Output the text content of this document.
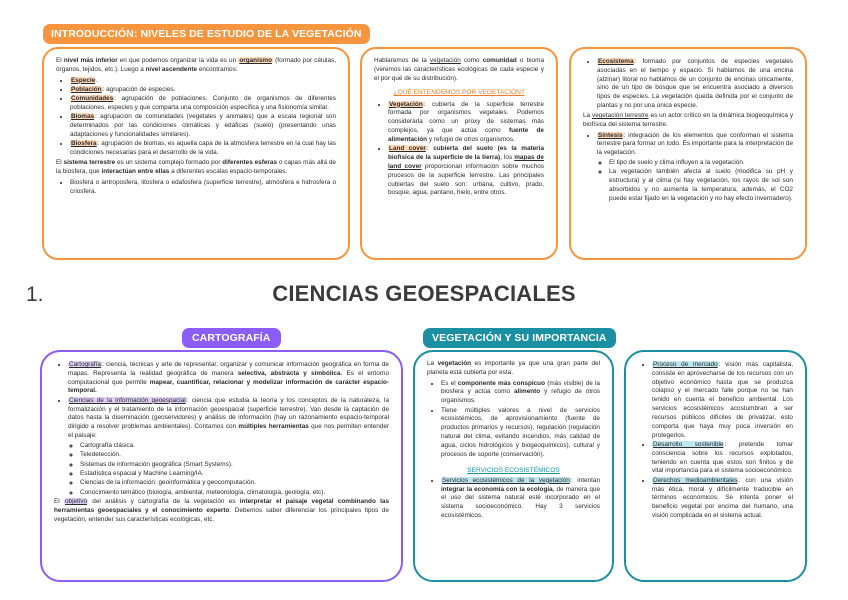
INTRODUCCIÓN: NIVELES DE ESTUDIO DE LA VEGETACIÓN

El nivel más inferior en que podemos organizar la vida es un organismo (formado por células, órganos, tejidos, etc.). Luego a nivel ascendente encontramos:

• Especie.
• Población: agrupación de especies.
• Comunidades: agrupación de poblaciones. Conjunto de organismos de diferentes poblaciones, especies y que comparta una composición específica y una fisionomía similar.
• Biomas: agrupación de comunidades (vegetales y animales) que a escala regional son determinados por las condiciones climáticas y edáficas (suelo) (presentando unas adaptaciones y funcionalidades similares).
• Biosfera: agrupación de biomas, es aquella capa de la atmosfera terrestre en la cual hay las condiciones necesarias para el desarrollo de la vida.

El sistema terrestre es un sistema complejo formado por diferentes esferas o capas más allá de la biosfera, que interactúan entre ellas a diferentes escalas espacio-temporales.

• Biosfera o antroposfera, litosfera o edafosfera (superficie terrestre), atmósfera e hidrosfera o criosfera.

Hablaremos de la vegetación como comunidad o bioma (veremos las características ecológicas de cada especie y el por qué de su distribución).

¿QUÉ ENTENDEMOS POR VEGETACIÓN?
• Vegetación: cubierta de la superficie terrestre formada por organismos vegetales. Podemos considerarla como un proxy de sistemas más complejos, ya que actúa como fuente de alimentación y refugio de otros organismos.
• Land cover: cubierta del suelo (es la materia biofísica de la superficie de la tierra), los mapas de land cover proporcionan información sobre muchos procesos de la superficie terrestre. Las principales cubiertas del suelo son: urbana, cultivo, prado, bosque, agua, pantano, hielo, entre otros.
• Ecosistema: formado por conjuntos de especies vegetales asociadas en el tiempo y espacio. Si hablamos de una encina (alzinar) litoral no hablamos de un conjunto de encinas únicamente, sino de un tipo de bosque que se encuentra asociado a diversos tipos de especies. La vegetación queda definida por el conjunto de plantas y no por una única especie.

La vegetación terrestre es un actor crítico en la dinámica biogeoquímica y biofísica del sistema terrestre.

• Síntesis: integración de los elementos que conforman el sistema terrestre para formar un todo. Es importante para la interpretación de la vegetación.
◦ El tipo de suelo y clima influyen a la vegetación.
◦ La vegetación también afecta al suelo (modifica su pH y estructura) y al clima (si hay vegetación, los rayos de sol son absorbidos y no aumenta la temperatura, además, el CO2 puede estar fijado en la vegetación y no hay efecto invernadero).
1.	CIENCIAS GEOESPACIALES
CARTOGRAFÍA
• Cartografía: ciencia, técnicas y arte de representar, organizar y comunicar información geográfica en forma de mapas. Representa la realidad geográfica de manera selectiva, abstracta y simbólica. Es el entorno computacional que permite mapear, cuantificar, relacionar y modelizar información de carácter espacio-temporal.
• Ciencias de la información geoespacial: ciencia que estudia la teoría y los conceptos de la naturaleza, la formalización y el tratamiento de la información geoespacial (superficie terrestre). Van desde la captación de datos hasta la diseminación (geoservidores) y análisis de información (hay un razonamiento espacio-temporal dirigido a resolver problemas ambientales). Contamos con múltiples herramientas que nos permiten entender el paisaje:
◦ Cartografía clásica.
◦ Teledetección.
◦ Sistemas de información geográfica (Smart Systems).
◦ Estadística espacial y Machine Learning/IA.
◦ Ciencias de la información: geoinformática y geocomputación.
◦ Conocimiento temático (biología, ambiental, meteorología, climatología, geología, etc).

El objetivo del análisis y cartografía de la vegetación es interpretar el paisaje vegetal combinando las herramientas geoespaciales y el conocimiento experto. Debemos saber diferenciar los principales tipos de vegetación, entender sus características ecológicas, etc.

VEGETACIÓN Y SU IMPORTANCIA

La vegetación es importante ya que una gran parte del planeta está cubierta por esta.

• Es el componente más conspicuo (más visible) de la biosfera y actúa como alimento y refugio de otros organismos.
• Tiene múltiples valores a nivel de servicios ecosistémicos, de aprovisionamiento (fuente de productos primarios y recursos), regulación (regulación natural del clima, evitando incendios, más calidad de agua, ciclos hidrológicos y biogeoquímicos), cultural y procesos de soporte (conservación).
SERVICIOS ECOSISTÉMICOS
• Servicios ecosistémicos de la vegetación: intentan integrar la economía con la ecología, de manera que el uso del sistema natural esté incorporado en el sistema socioeconómico. Hay 3 servicios ecosistémicos.
• Proceso de mercado: visión más capitalista, consiste en aprovecharse de los recursos con un objetivo económico hasta que se produzca colapso y el mercado falle porque no se han tenido en cuenta el beneficio ambiental. Los servicios ecosistémicos acostumbran a ser recursos públicos difíciles de privatizar, esto comporta que haya muy poca inversión en protegerlos.
• Desarrollo sostenible: pretende tomar consciencia sobre los recursos explotados, teniendo en cuenta que estos son finitos y de vital importancia para el sistema socioeconómico.
• Derechos medioambientales: con una visión más ética, moral y difícilmente traducible en términos económicos. Se intenta poner el beneficio vegetal por encima del humano, una visión complicada en el sistema actual.
